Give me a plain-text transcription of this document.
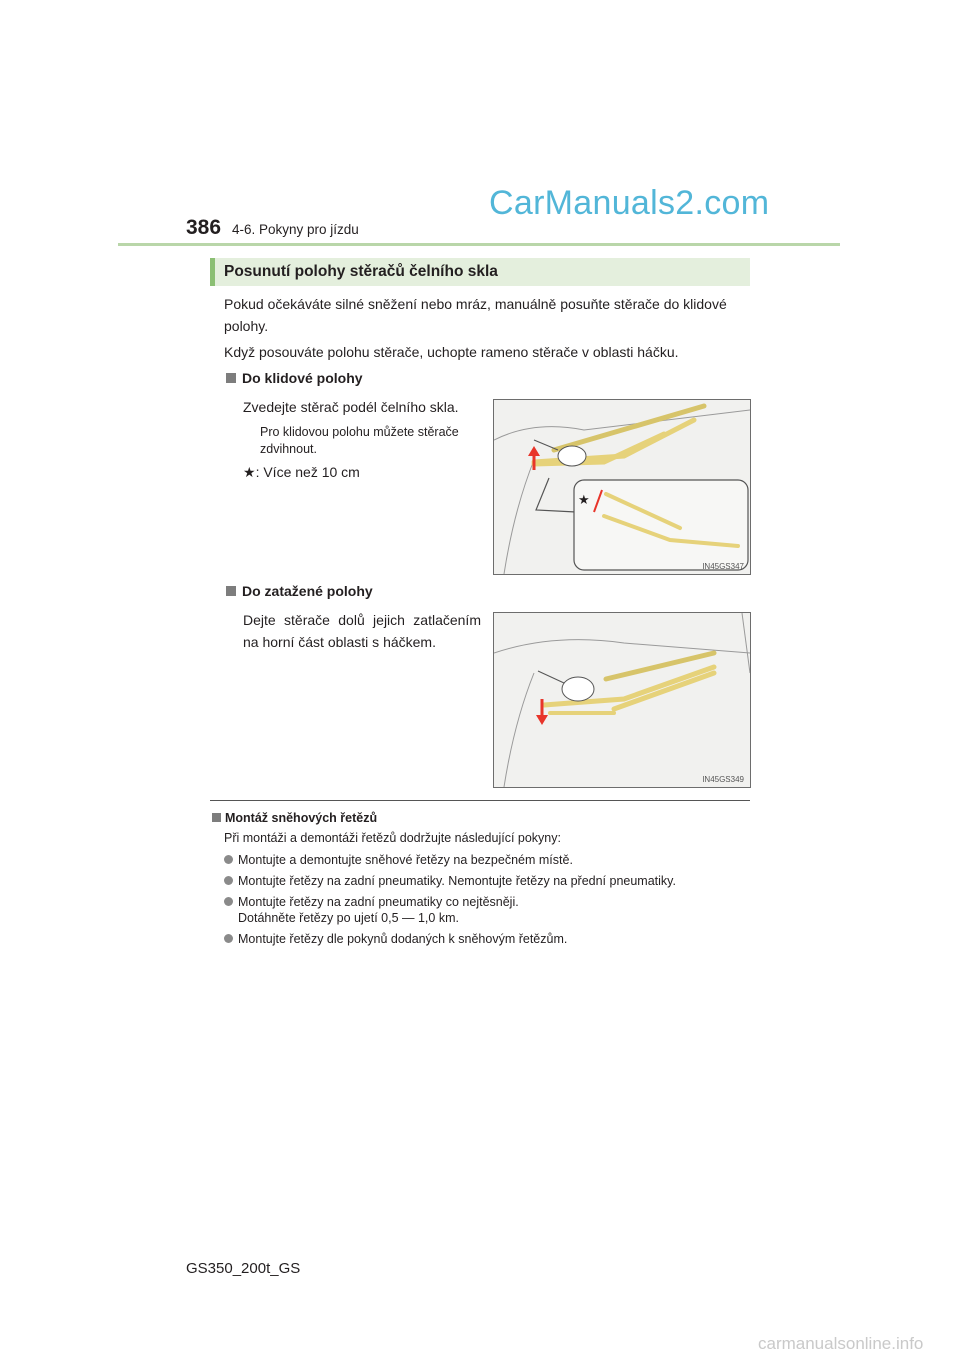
CarManuals2.com
386 4-6. Pokyny pro jízdu
Posunutí polohy stěračů čelního skla
Pokud očekáváte silné sněžení nebo mráz, manuálně posuňte stěrače do klidové polohy.
Když posouváte polohu stěrače, uchopte rameno stěrače v oblasti háčku.
Do klidové polohy
Zvedejte stěrač podél čelního skla.
Pro klidovou polohu můžete stěrače zdvihnout.
★: Více než 10 cm
★
IN45GS347
Do zatažené polohy
Dejte stěrače dolů jejich zatlačením na horní část oblasti s háčkem.
IN45GS349
Montáž sněhových řetězů
Při montáži a demontáži řetězů dodržujte následující pokyny:
Montujte a demontujte sněhové řetězy na bezpečném místě.
Montujte řetězy na zadní pneumatiky. Nemontujte řetězy na přední pneumatiky.
Montujte řetězy na zadní pneumatiky co nejtěsněji.
Dotáhněte řetězy po ujetí 0,5 — 1,0 km.
Montujte řetězy dle pokynů dodaných k sněhovým řetězům.
GS350_200t_GS
carmanualsonline.info
